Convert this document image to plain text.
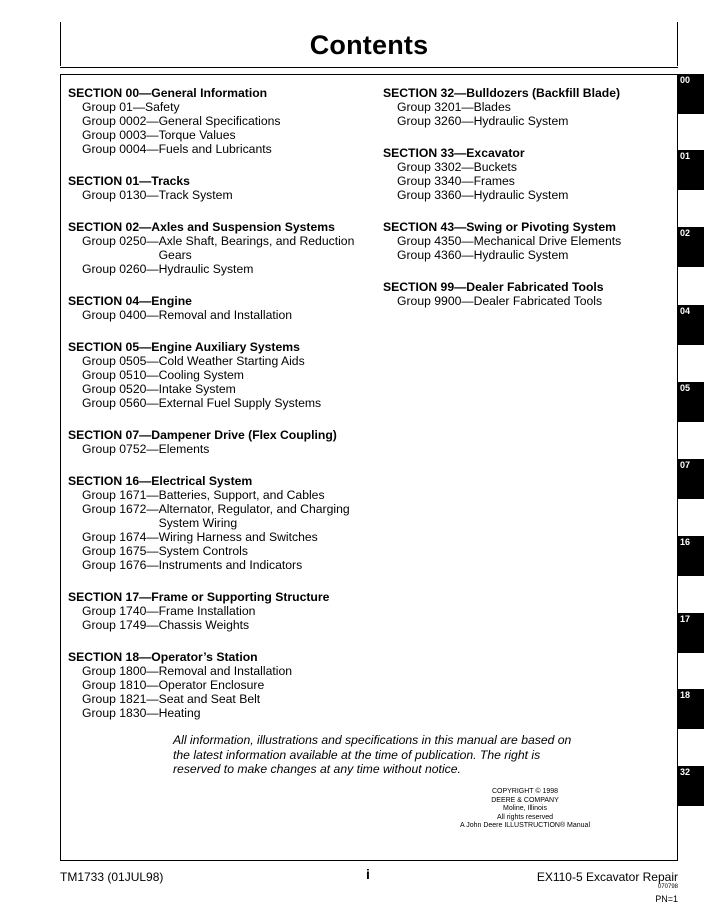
Contents
SECTION 00—General Information
Group 01— Safety
Group 0002— General Specifications
Group 0003— Torque Values
Group 0004— Fuels and Lubricants
SECTION 01—Tracks
Group 0130— Track System
SECTION 02—Axles and Suspension Systems
Group 0250— Axle Shaft, Bearings, and Reduction Gears
Group 0260— Hydraulic System
SECTION 04—Engine
Group 0400— Removal and Installation
SECTION 05—Engine Auxiliary Systems
Group 0505— Cold Weather Starting Aids
Group 0510— Cooling System
Group 0520— Intake System
Group 0560— External Fuel Supply Systems
SECTION 07—Dampener Drive (Flex Coupling)
Group 0752— Elements
SECTION 16—Electrical System
Group 1671— Batteries, Support, and Cables
Group 1672— Alternator, Regulator, and Charging System Wiring
Group 1674— Wiring Harness and Switches
Group 1675— System Controls
Group 1676— Instruments and Indicators
SECTION 17—Frame or Supporting Structure
Group 1740— Frame Installation
Group 1749— Chassis Weights
SECTION 18—Operator’s Station
Group 1800— Removal and Installation
Group 1810— Operator Enclosure
Group 1821— Seat and Seat Belt
Group 1830— Heating
SECTION 32—Bulldozers (Backfill Blade)
Group 3201— Blades
Group 3260— Hydraulic System
SECTION 33—Excavator
Group 3302— Buckets
Group 3340— Frames
Group 3360— Hydraulic System
SECTION 43—Swing or Pivoting System
Group 4350— Mechanical Drive Elements
Group 4360— Hydraulic System
SECTION 99—Dealer Fabricated Tools
Group 9900— Dealer Fabricated Tools
All information, illustrations and specifications in this manual are based on the latest information available at the time of publication. The right is reserved to make changes at any time without notice.
COPYRIGHT © 1998
DEERE & COMPANY
Moline, Illinois
All rights reserved
A John Deere ILLUSTRUCTION® Manual
00
01
02
04
05
07
16
17
18
32
TM1733 (01JUL98)	i	EX110-5 Excavator Repair
070798
PN=1
